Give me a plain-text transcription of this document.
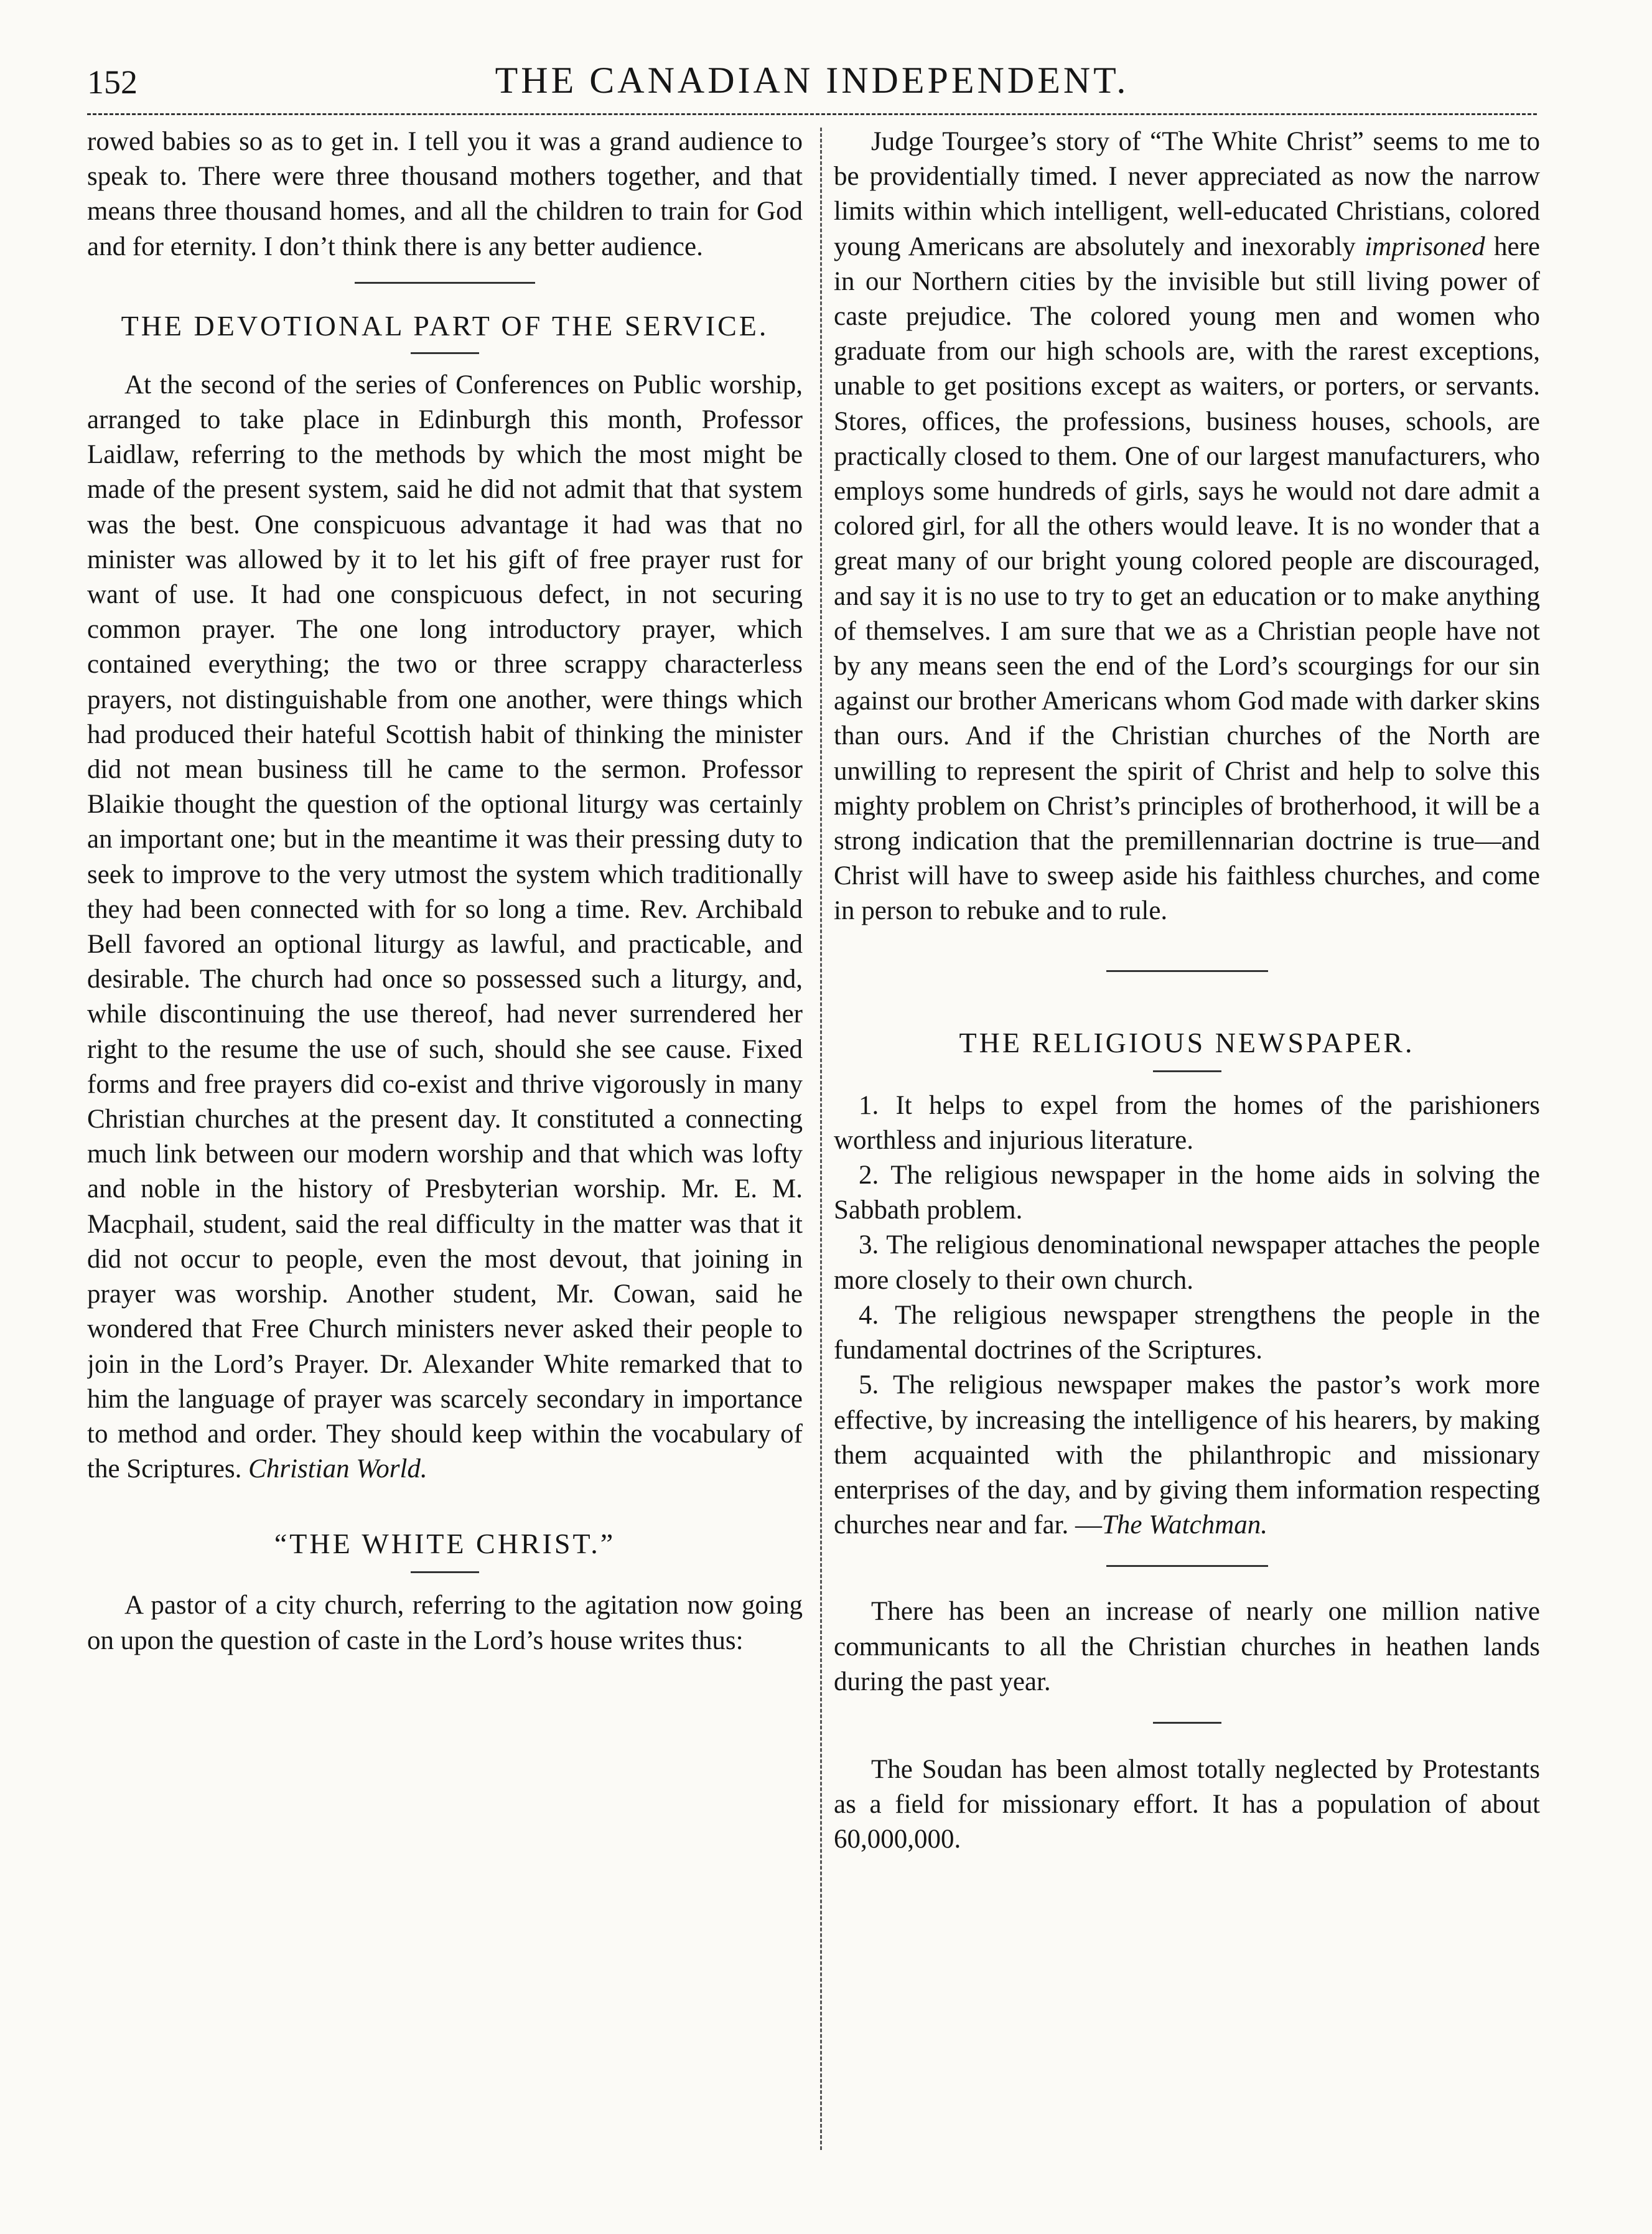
152	THE CANADIAN INDEPENDENT.

rowed babies so as to get in. I tell you it was a grand audience to speak to. There were three thousand mothers together, and that means three thousand homes, and all the children to train for God and for eternity. I don’t think there is any better audience.

THE DEVOTIONAL PART OF THE SERVICE.

At the second of the series of Conferences on Public worship, arranged to take place in Edinburgh this month, Professor Laidlaw, referring to the methods by which the most might be made of the present system, said he did not admit that that system was the best. One conspicuous advantage it had was that no minister was allowed by it to let his gift of free prayer rust for want of use. It had one conspicuous defect, in not securing common prayer. The one long introductory prayer, which contained everything; the two or three scrappy characterless prayers, not distinguishable from one another, were things which had produced their hateful Scottish habit of thinking the minister did not mean business till he came to the sermon. Professor Blaikie thought the question of the optional liturgy was certainly an important one; but in the meantime it was their pressing duty to seek to improve to the very utmost the system which traditionally they had been connected with for so long a time. Rev. Archibald Bell favored an optional liturgy as lawful, and practicable, and desirable. The church had once so possessed such a liturgy, and, while discontinuing the use thereof, had never surrendered her right to the resume the use of such, should she see cause. Fixed forms and free prayers did co-exist and thrive vigorously in many Christian churches at the present day. It constituted a connecting much link between our modern worship and that which was lofty and noble in the history of Presbyterian worship. Mr. E. M. Macphail, student, said the real difficulty in the matter was that it did not occur to people, even the most devout, that joining in prayer was worship. Another student, Mr. Cowan, said he wondered that Free Church ministers never asked their people to join in the Lord’s Prayer. Dr. Alexander White remarked that to him the language of prayer was scarcely secondary in importance to method and order. They should keep within the vocabulary of the Scriptures. Christian World.

“THE WHITE CHRIST.”

A pastor of a city church, referring to the agitation now going on upon the question of caste in the Lord’s house writes thus:

Judge Tourgee’s story of “The White Christ” seems to me to be providentially timed. I never appreciated as now the narrow limits within which intelligent, well-educated Christians, colored young Americans are absolutely and inexorably imprisoned here in our Northern cities by the invisible but still living power of caste prejudice. The colored young men and women who graduate from our high schools are, with the rarest exceptions, unable to get positions except as waiters, or porters, or servants. Stores, offices, the professions, business houses, schools, are practically closed to them. One of our largest manufacturers, who employs some hundreds of girls, says he would not dare admit a colored girl, for all the others would leave. It is no wonder that a great many of our bright young colored people are discouraged, and say it is no use to try to get an education or to make anything of themselves. I am sure that we as a Christian people have not by any means seen the end of the Lord’s scourgings for our sin against our brother Americans whom God made with darker skins than ours. And if the Christian churches of the North are unwilling to represent the spirit of Christ and help to solve this mighty problem on Christ’s principles of brotherhood, it will be a strong indication that the premillennarian doctrine is true—and Christ will have to sweep aside his faithless churches, and come in person to rebuke and to rule.

THE RELIGIOUS NEWSPAPER.

1. It helps to expel from the homes of the parishioners worthless and injurious literature.

2. The religious newspaper in the home aids in solving the Sabbath problem.

3. The religious denominational newspaper attaches the people more closely to their own church.

4. The religious newspaper strengthens the people in the fundamental doctrines of the Scriptures.

5. The religious newspaper makes the pastor’s work more effective, by increasing the intelligence of his hearers, by making them acquainted with the philanthropic and missionary enterprises of the day, and by giving them information respecting churches near and far. —The Watchman.

There has been an increase of nearly one million native communicants to all the Christian churches in heathen lands during the past year.

The Soudan has been almost totally neglected by Protestants as a field for missionary effort. It has a population of about 60,000,000.
